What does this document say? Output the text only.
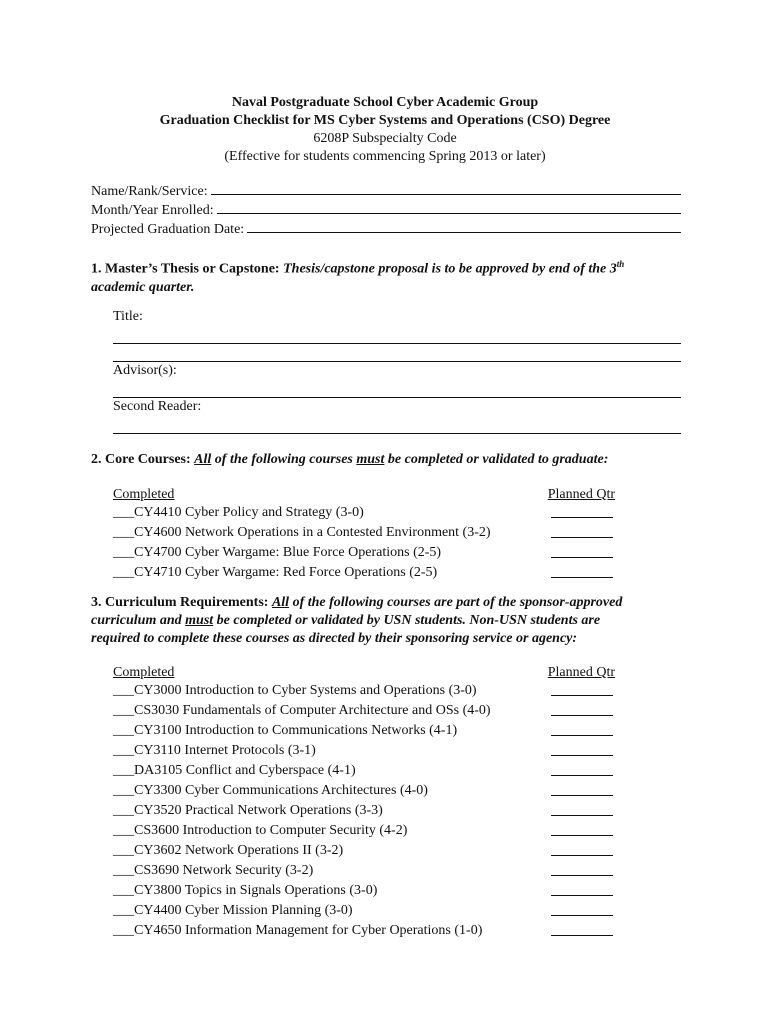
Naval Postgraduate School Cyber Academic Group
Graduation Checklist for MS Cyber Systems and Operations (CSO) Degree
6208P Subspecialty Code
(Effective for students commencing Spring 2013 or later)
Name/Rank/Service:
Month/Year Enrolled:
Projected Graduation Date:
1. Master’s Thesis or Capstone: Thesis/capstone proposal is to be approved by end of the 3th
academic quarter.
Title:
Advisor(s):
Second Reader:
2. Core Courses: All of the following courses must be completed or validated to graduate:
Completed	Planned Qtr
___CY4410 Cyber Policy and Strategy (3-0)
___CY4600 Network Operations in a Contested Environment (3-2)
___CY4700 Cyber Wargame: Blue Force Operations (2-5)
___CY4710 Cyber Wargame: Red Force Operations (2-5)
3. Curriculum Requirements: All of the following courses are part of the sponsor-approved
curriculum and must be completed or validated by USN students. Non-USN students are
required to complete these courses as directed by their sponsoring service or agency:
Completed	Planned Qtr
___CY3000 Introduction to Cyber Systems and Operations (3-0)
___CS3030 Fundamentals of Computer Architecture and OSs (4-0)
___CY3100 Introduction to Communications Networks (4-1)
___CY3110 Internet Protocols (3-1)
___DA3105 Conflict and Cyberspace (4-1)
___CY3300 Cyber Communications Architectures (4-0)
___CY3520 Practical Network Operations (3-3)
___CS3600 Introduction to Computer Security (4-2)
___CY3602 Network Operations II (3-2)
___CS3690 Network Security (3-2)
___CY3800 Topics in Signals Operations (3-0)
___CY4400 Cyber Mission Planning (3-0)
___CY4650 Information Management for Cyber Operations (1-0)
